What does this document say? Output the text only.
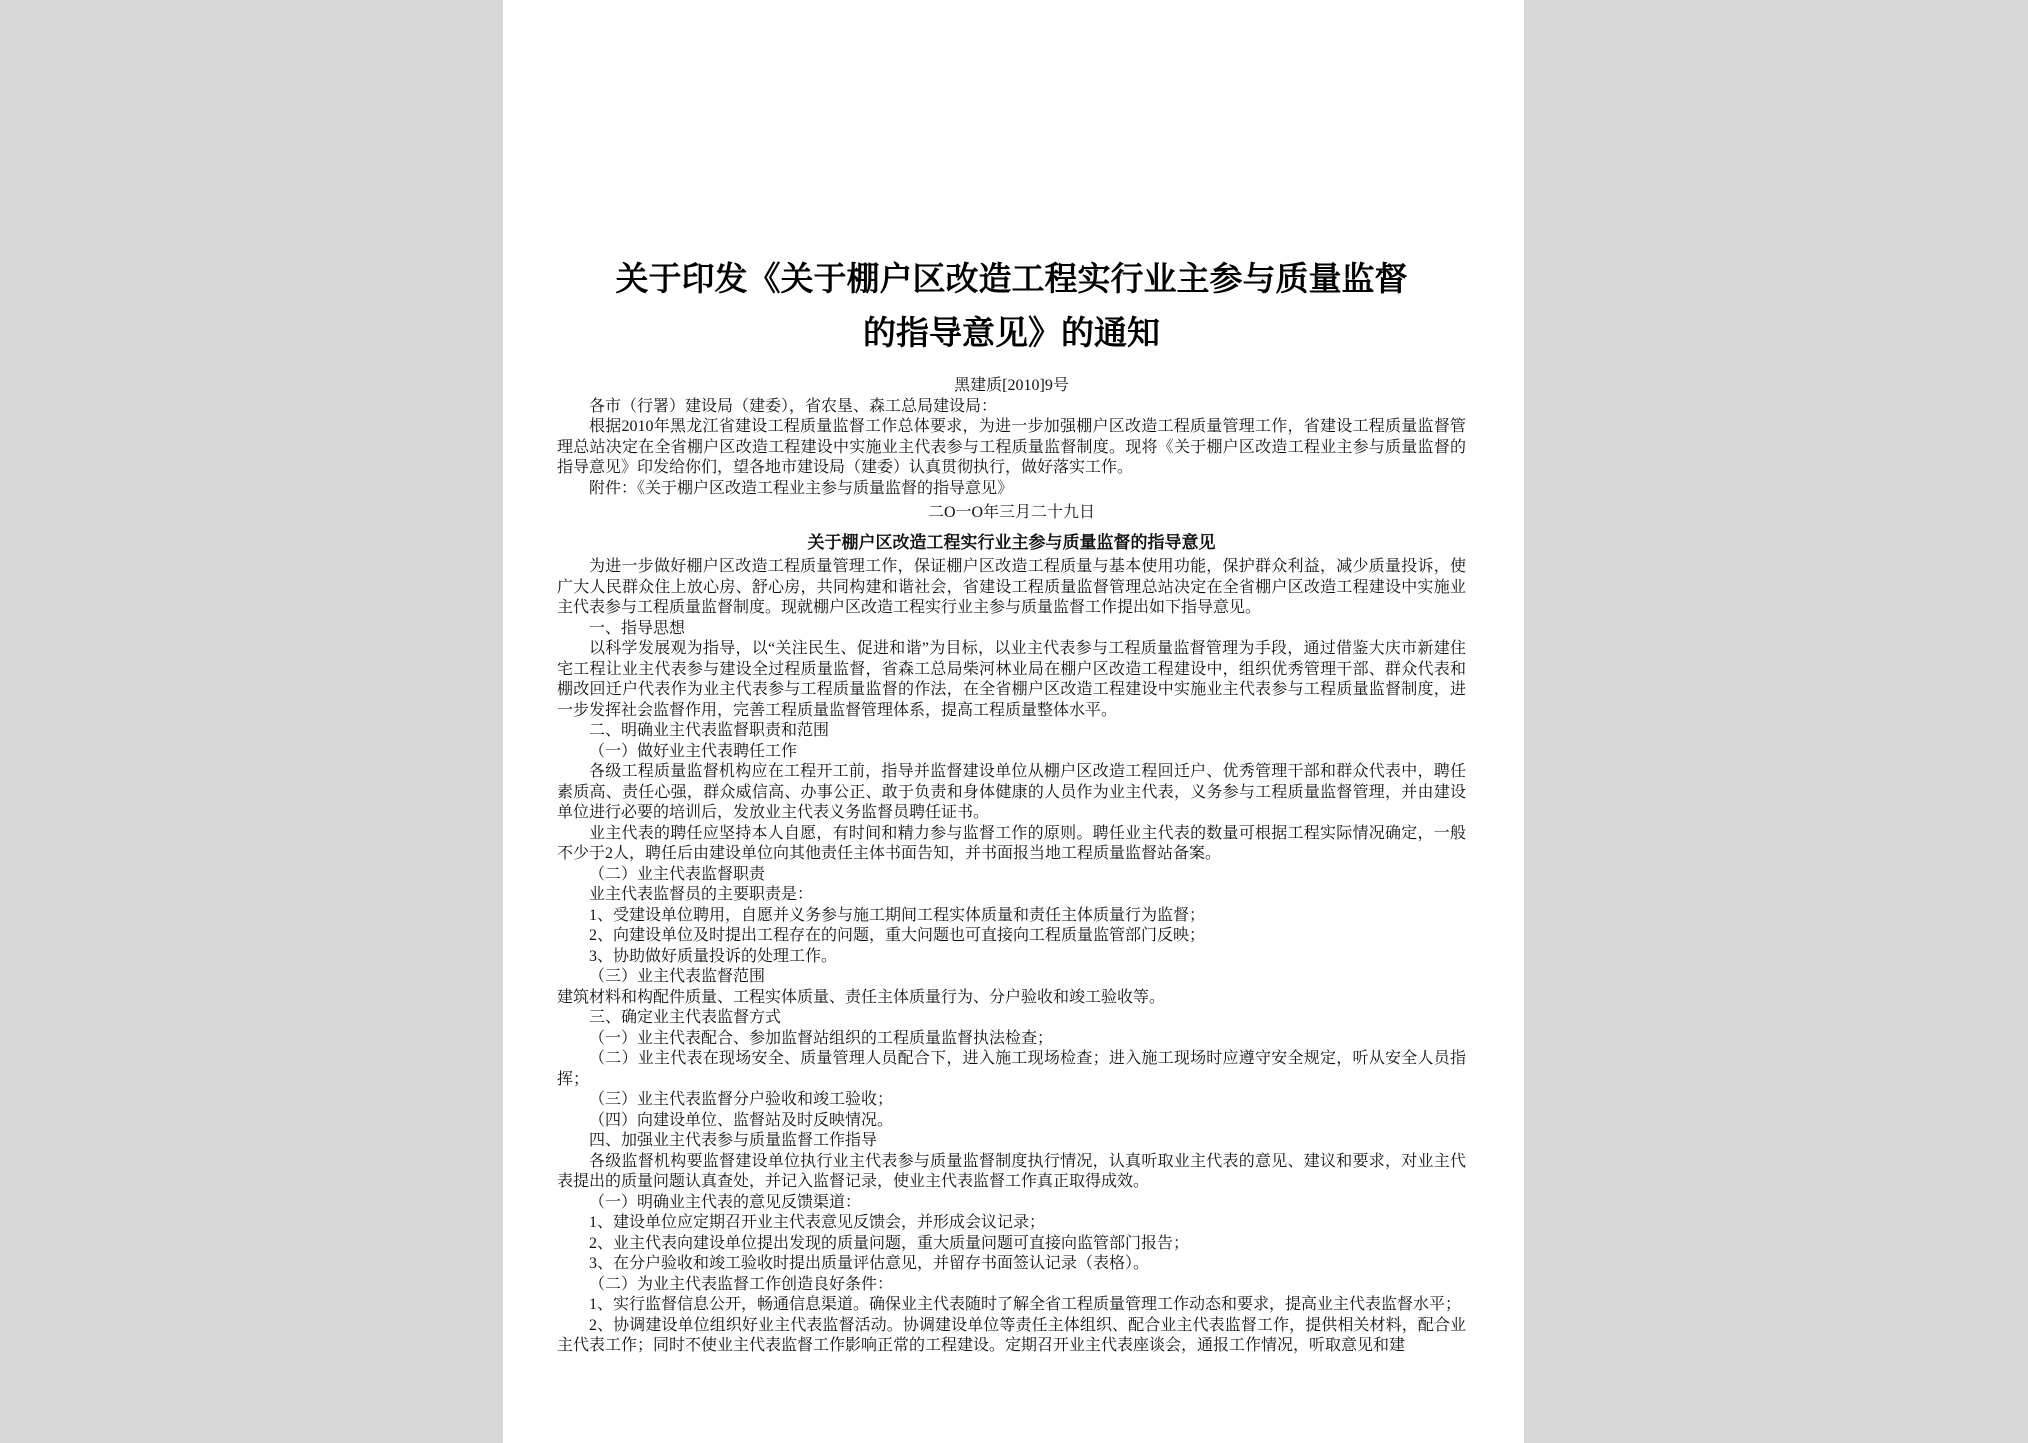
关于印发《关于棚户区改造工程实行业主参与质量监督
的指导意见》的通知

黑建质[2010]9号

各市（行署）建设局（建委），省农垦、森工总局建设局：

根据2010年黑龙江省建设工程质量监督工作总体要求，为进一步加强棚户区改造工程质量管理工作，省建设工程质量监督管理总站决定在全省棚户区改造工程建设中实施业主代表参与工程质量监督制度。现将《关于棚户区改造工程业主参与质量监督的指导意见》印发给你们，望各地市建设局（建委）认真贯彻执行，做好落实工作。

附件：《关于棚户区改造工程业主参与质量监督的指导意见》

二O一O年三月二十九日

关于棚户区改造工程实行业主参与质量监督的指导意见

为进一步做好棚户区改造工程质量管理工作，保证棚户区改造工程质量与基本使用功能，保护群众利益，减少质量投诉，使广大人民群众住上放心房、舒心房，共同构建和谐社会，省建设工程质量监督管理总站决定在全省棚户区改造工程建设中实施业主代表参与工程质量监督制度。现就棚户区改造工程实行业主参与质量监督工作提出如下指导意见。

一、指导思想

以科学发展观为指导，以“关注民生、促进和谐”为目标，以业主代表参与工程质量监督管理为手段，通过借鉴大庆市新建住宅工程让业主代表参与建设全过程质量监督，省森工总局柴河林业局在棚户区改造工程建设中，组织优秀管理干部、群众代表和棚改回迁户代表作为业主代表参与工程质量监督的作法，在全省棚户区改造工程建设中实施业主代表参与工程质量监督制度，进一步发挥社会监督作用，完善工程质量监督管理体系，提高工程质量整体水平。

二、明确业主代表监督职责和范围

（一）做好业主代表聘任工作

各级工程质量监督机构应在工程开工前，指导并监督建设单位从棚户区改造工程回迁户、优秀管理干部和群众代表中，聘任素质高、责任心强，群众威信高、办事公正、敢于负责和身体健康的人员作为业主代表，义务参与工程质量监督管理，并由建设单位进行必要的培训后，发放业主代表义务监督员聘任证书。

业主代表的聘任应坚持本人自愿，有时间和精力参与监督工作的原则。聘任业主代表的数量可根据工程实际情况确定，一般不少于2人，聘任后由建设单位向其他责任主体书面告知，并书面报当地工程质量监督站备案。

（二）业主代表监督职责

业主代表监督员的主要职责是：

1、受建设单位聘用，自愿并义务参与施工期间工程实体质量和责任主体质量行为监督；

2、向建设单位及时提出工程存在的问题，重大问题也可直接向工程质量监管部门反映；

3、协助做好质量投诉的处理工作。

（三）业主代表监督范围

建筑材料和构配件质量、工程实体质量、责任主体质量行为、分户验收和竣工验收等。

三、确定业主代表监督方式

（一）业主代表配合、参加监督站组织的工程质量监督执法检查；

（二）业主代表在现场安全、质量管理人员配合下，进入施工现场检查；进入施工现场时应遵守安全规定，听从安全人员指挥；

（三）业主代表监督分户验收和竣工验收；

（四）向建设单位、监督站及时反映情况。

四、加强业主代表参与质量监督工作指导

各级监督机构要监督建设单位执行业主代表参与质量监督制度执行情况，认真听取业主代表的意见、建议和要求，对业主代表提出的质量问题认真查处，并记入监督记录，使业主代表监督工作真正取得成效。

（一）明确业主代表的意见反馈渠道：

1、建设单位应定期召开业主代表意见反馈会，并形成会议记录；

2、业主代表向建设单位提出发现的质量问题，重大质量问题可直接向监管部门报告；

3、在分户验收和竣工验收时提出质量评估意见，并留存书面签认记录（表格）。

（二）为业主代表监督工作创造良好条件：

1、实行监督信息公开，畅通信息渠道。确保业主代表随时了解全省工程质量管理工作动态和要求，提高业主代表监督水平；

2、协调建设单位组织好业主代表监督活动。协调建设单位等责任主体组织、配合业主代表监督工作，提供相关材料，配合业主代表工作；同时不使业主代表监督工作影响正常的工程建设。定期召开业主代表座谈会，通报工作情况，听取意见和建
